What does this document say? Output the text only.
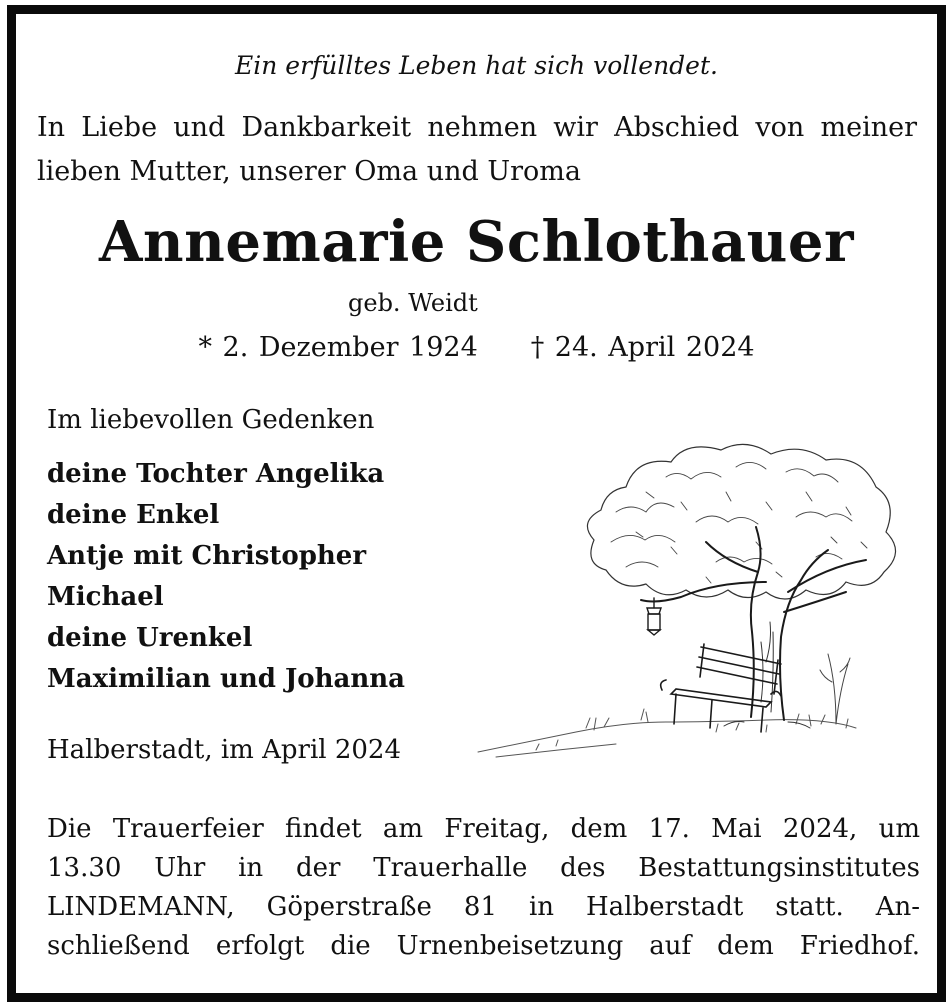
Ein erfülltes Leben hat sich vollendet.
In Liebe und Dankbarkeit nehmen wir Abschied von meiner lieben Mutter, unserer Oma und Uroma
Annemarie Schlothauer
geb. Weidt
* 2. Dezember 1924     † 24. April 2024
Im liebevollen Gedenken
deine Tochter Angelika
deine Enkel
Antje mit Christopher
Michael
deine Urenkel
Maximilian und Johanna
Halberstadt, im April 2024
Die Trauerfeier findet am Freitag, dem 17. Mai 2024, um
13.30 Uhr in der Trauerhalle des Bestattungsinstitutes
LINDEMANN, Göperstraße 81 in Halberstadt statt. An-
schließend erfolgt die Urnenbeisetzung auf dem Friedhof.
